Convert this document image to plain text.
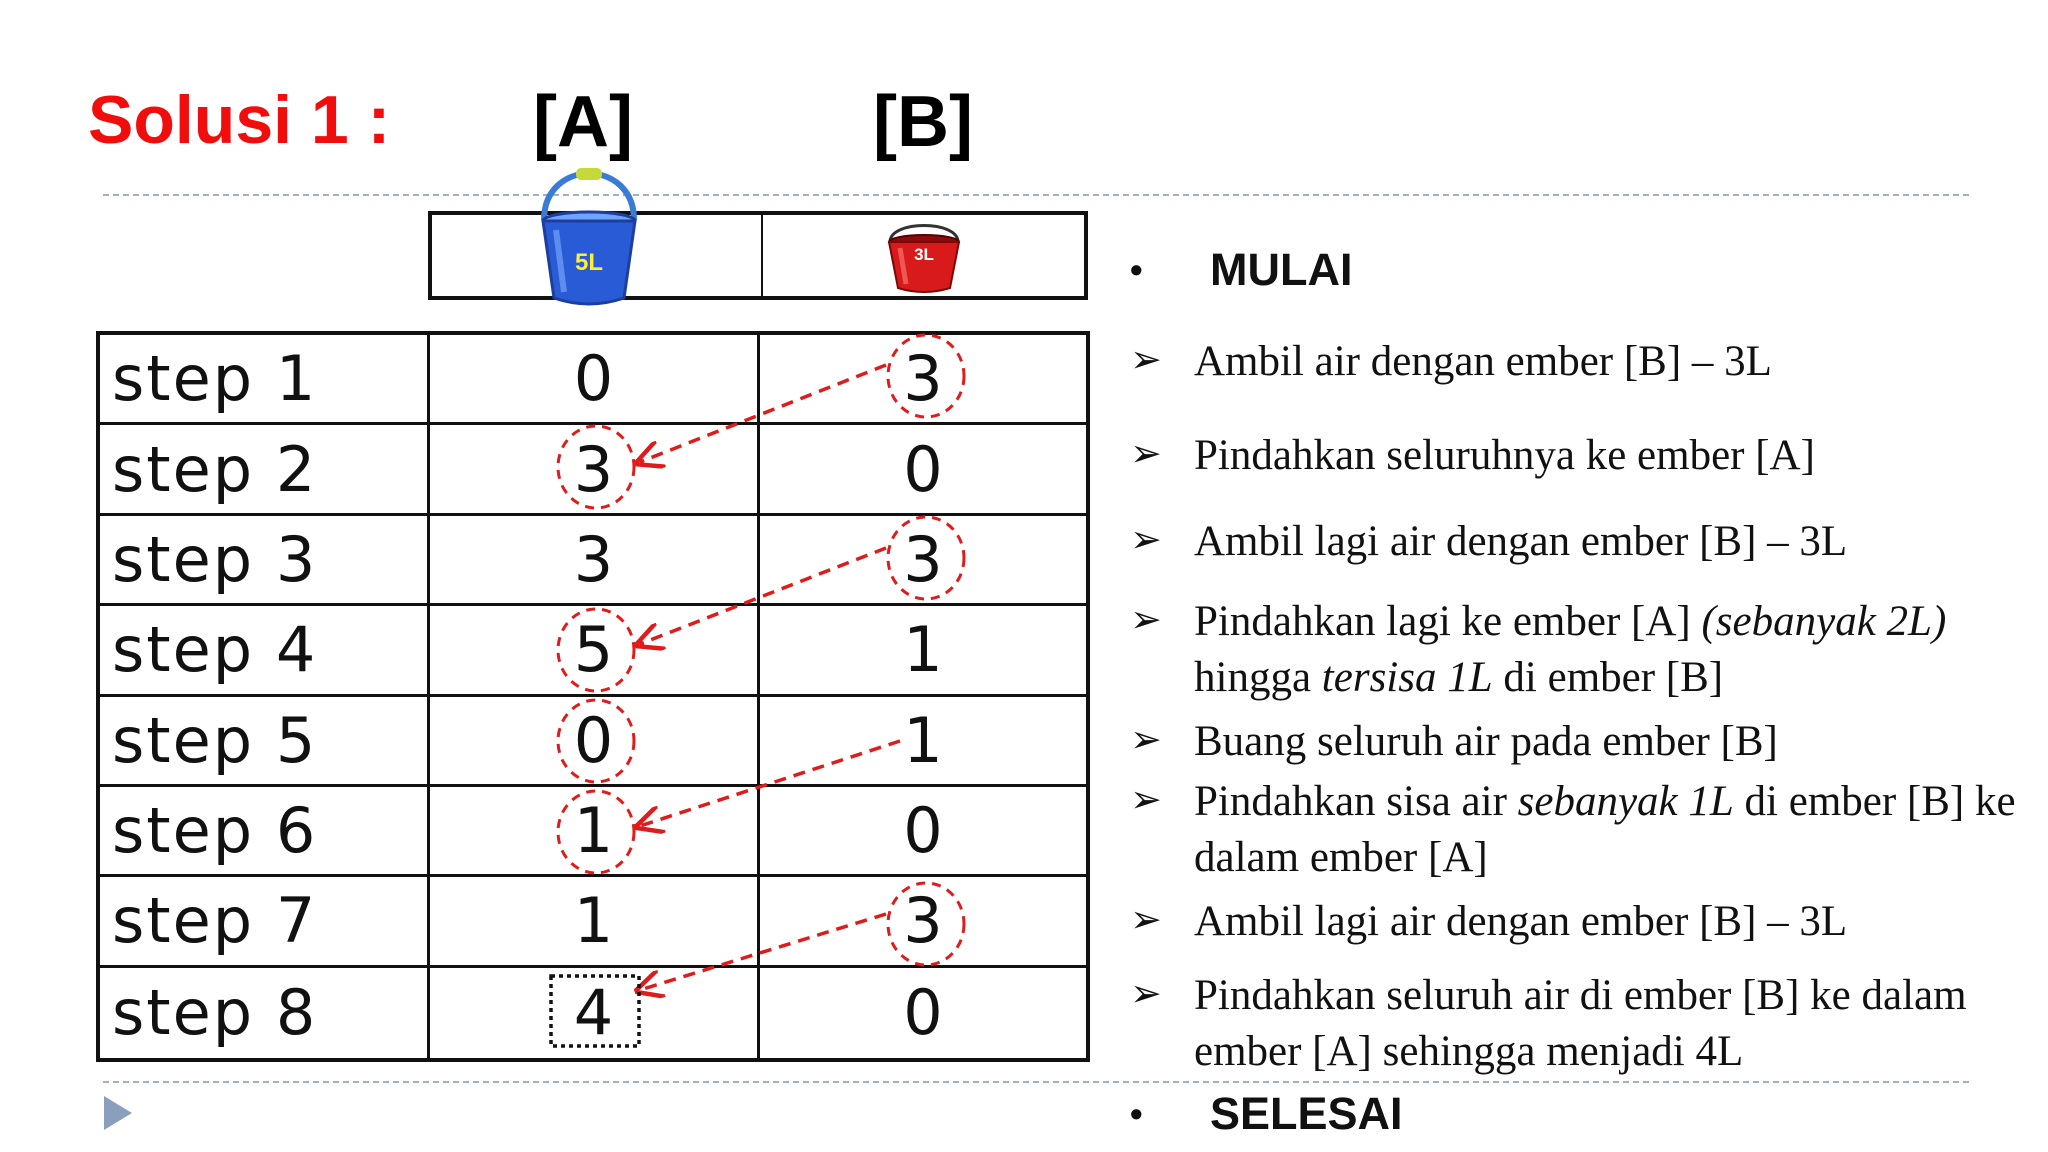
Solusi 1 : [A]	[B]
5L	3L
step 1	0	3
step 2	3	0
step 3	3	3
step 4	5	1
step 5	0	1
step 6	1	0
step 7	1	3
step 8	4	0
•	MULAI
➢ Ambil air dengan ember [B] – 3L
➢ Pindahkan seluruhnya ke ember [A]
➢ Ambil lagi air dengan ember [B] – 3L
➢ Pindahkan lagi ke ember [A] (sebanyak 2L)
hingga tersisa 1L di ember [B]
➢ Buang seluruh air pada ember [B]
➢ Pindahkan sisa air sebanyak 1L di ember [B] ke dalam ember [A]
➢ Ambil lagi air dengan ember [B] – 3L
➢ Pindahkan seluruh air di ember [B] ke dalam ember [A] sehingga menjadi 4L
•	SELESAI
